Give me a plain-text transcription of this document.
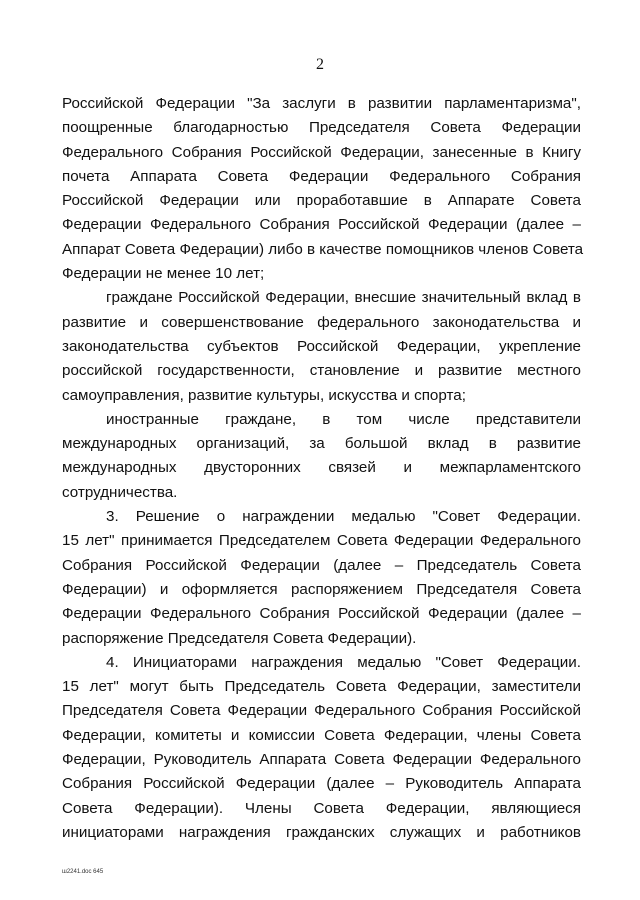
2
Российской Федерации "За заслуги в развитии парламентаризма",
поощренные благодарностью Председателя Совета Федерации
Федерального Собрания Российской Федерации, занесенные в Книгу
почета Аппарата Совета Федерации Федерального Собрания
Российской Федерации или проработавшие в Аппарате Совета
Федерации Федерального Собрания Российской Федерации (далее –
Аппарат Совета Федерации) либо в качестве помощников членов Совета
Федерации не менее 10 лет;
граждане Российской Федерации, внесшие значительный вклад в
развитие и совершенствование федерального законодательства и
законодательства субъектов Российской Федерации, укрепление
российской государственности, становление и развитие местного
самоуправления, развитие культуры, искусства и спорта;
иностранные граждане, в том числе представители
международных организаций, за большой вклад в развитие
международных двусторонних связей и межпарламентского
сотрудничества.
3. Решение о награждении медалью "Совет Федерации.
15 лет" принимается Председателем Совета Федерации Федерального
Собрания Российской Федерации (далее – Председатель Совета
Федерации) и оформляется распоряжением Председателя Совета
Федерации Федерального Собрания Российской Федерации (далее –
распоряжение Председателя Совета Федерации).
4. Инициаторами награждения медалью "Совет Федерации.
15 лет" могут быть Председатель Совета Федерации, заместители
Председателя Совета Федерации Федерального Собрания Российской
Федерации, комитеты и комиссии Совета Федерации, члены Совета
Федерации, Руководитель Аппарата Совета Федерации Федерального
Собрания Российской Федерации (далее – Руководитель Аппарата
Совета Федерации). Члены Совета Федерации, являющиеся
инициаторами награждения гражданских служащих и работников
ш2241.doc 645
